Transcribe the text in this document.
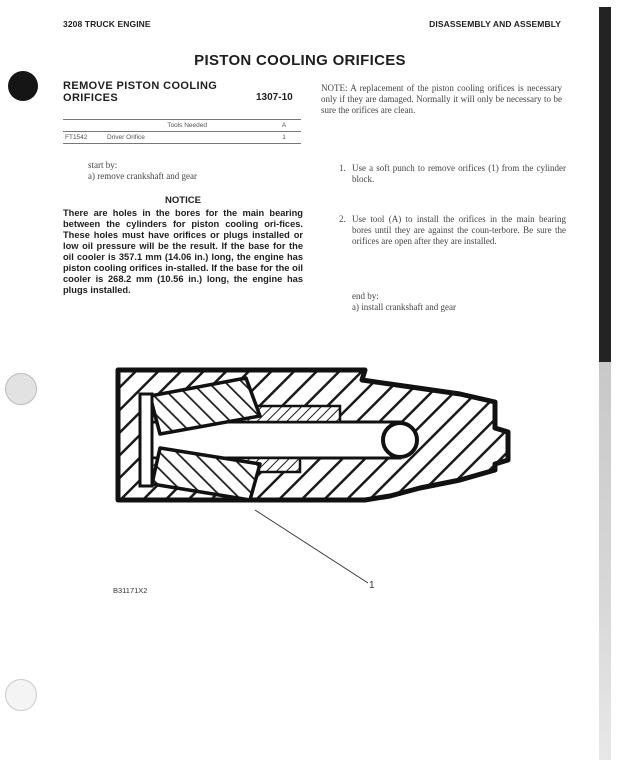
3208 TRUCK ENGINE	DISASSEMBLY AND ASSEMBLY
PISTON COOLING ORIFICES
REMOVE PISTON COOLING ORIFICES	1307-10
	Tools Needed	A
FT1542	Driver Orifice	1
start by:
a) remove crankshaft and gear
NOTICE
There are holes in the bores for the main bearing between the cylinders for piston cooling ori-fices. These holes must have orifices or plugs installed or low oil pressure will be the result. If the base for the oil cooler is 357.1 mm (14.06 in.) long, the engine has piston cooling orifices in-stalled. If the base for the oil cooler is 268.2 mm (10.56 in.) long, the engine has plugs installed.
NOTE: A replacement of the piston cooling orifices is necessary only if they are damaged. Normally it will only be necessary to be sure the orifices are clean.
1. Use a soft punch to remove orifices (1) from the cylinder block.
2. Use tool (A) to install the orifices in the main bearing bores until they are against the coun-terbore. Be sure the orifices are open after they are installed.
end by:
a) install crankshaft and gear
B31171X2	1
